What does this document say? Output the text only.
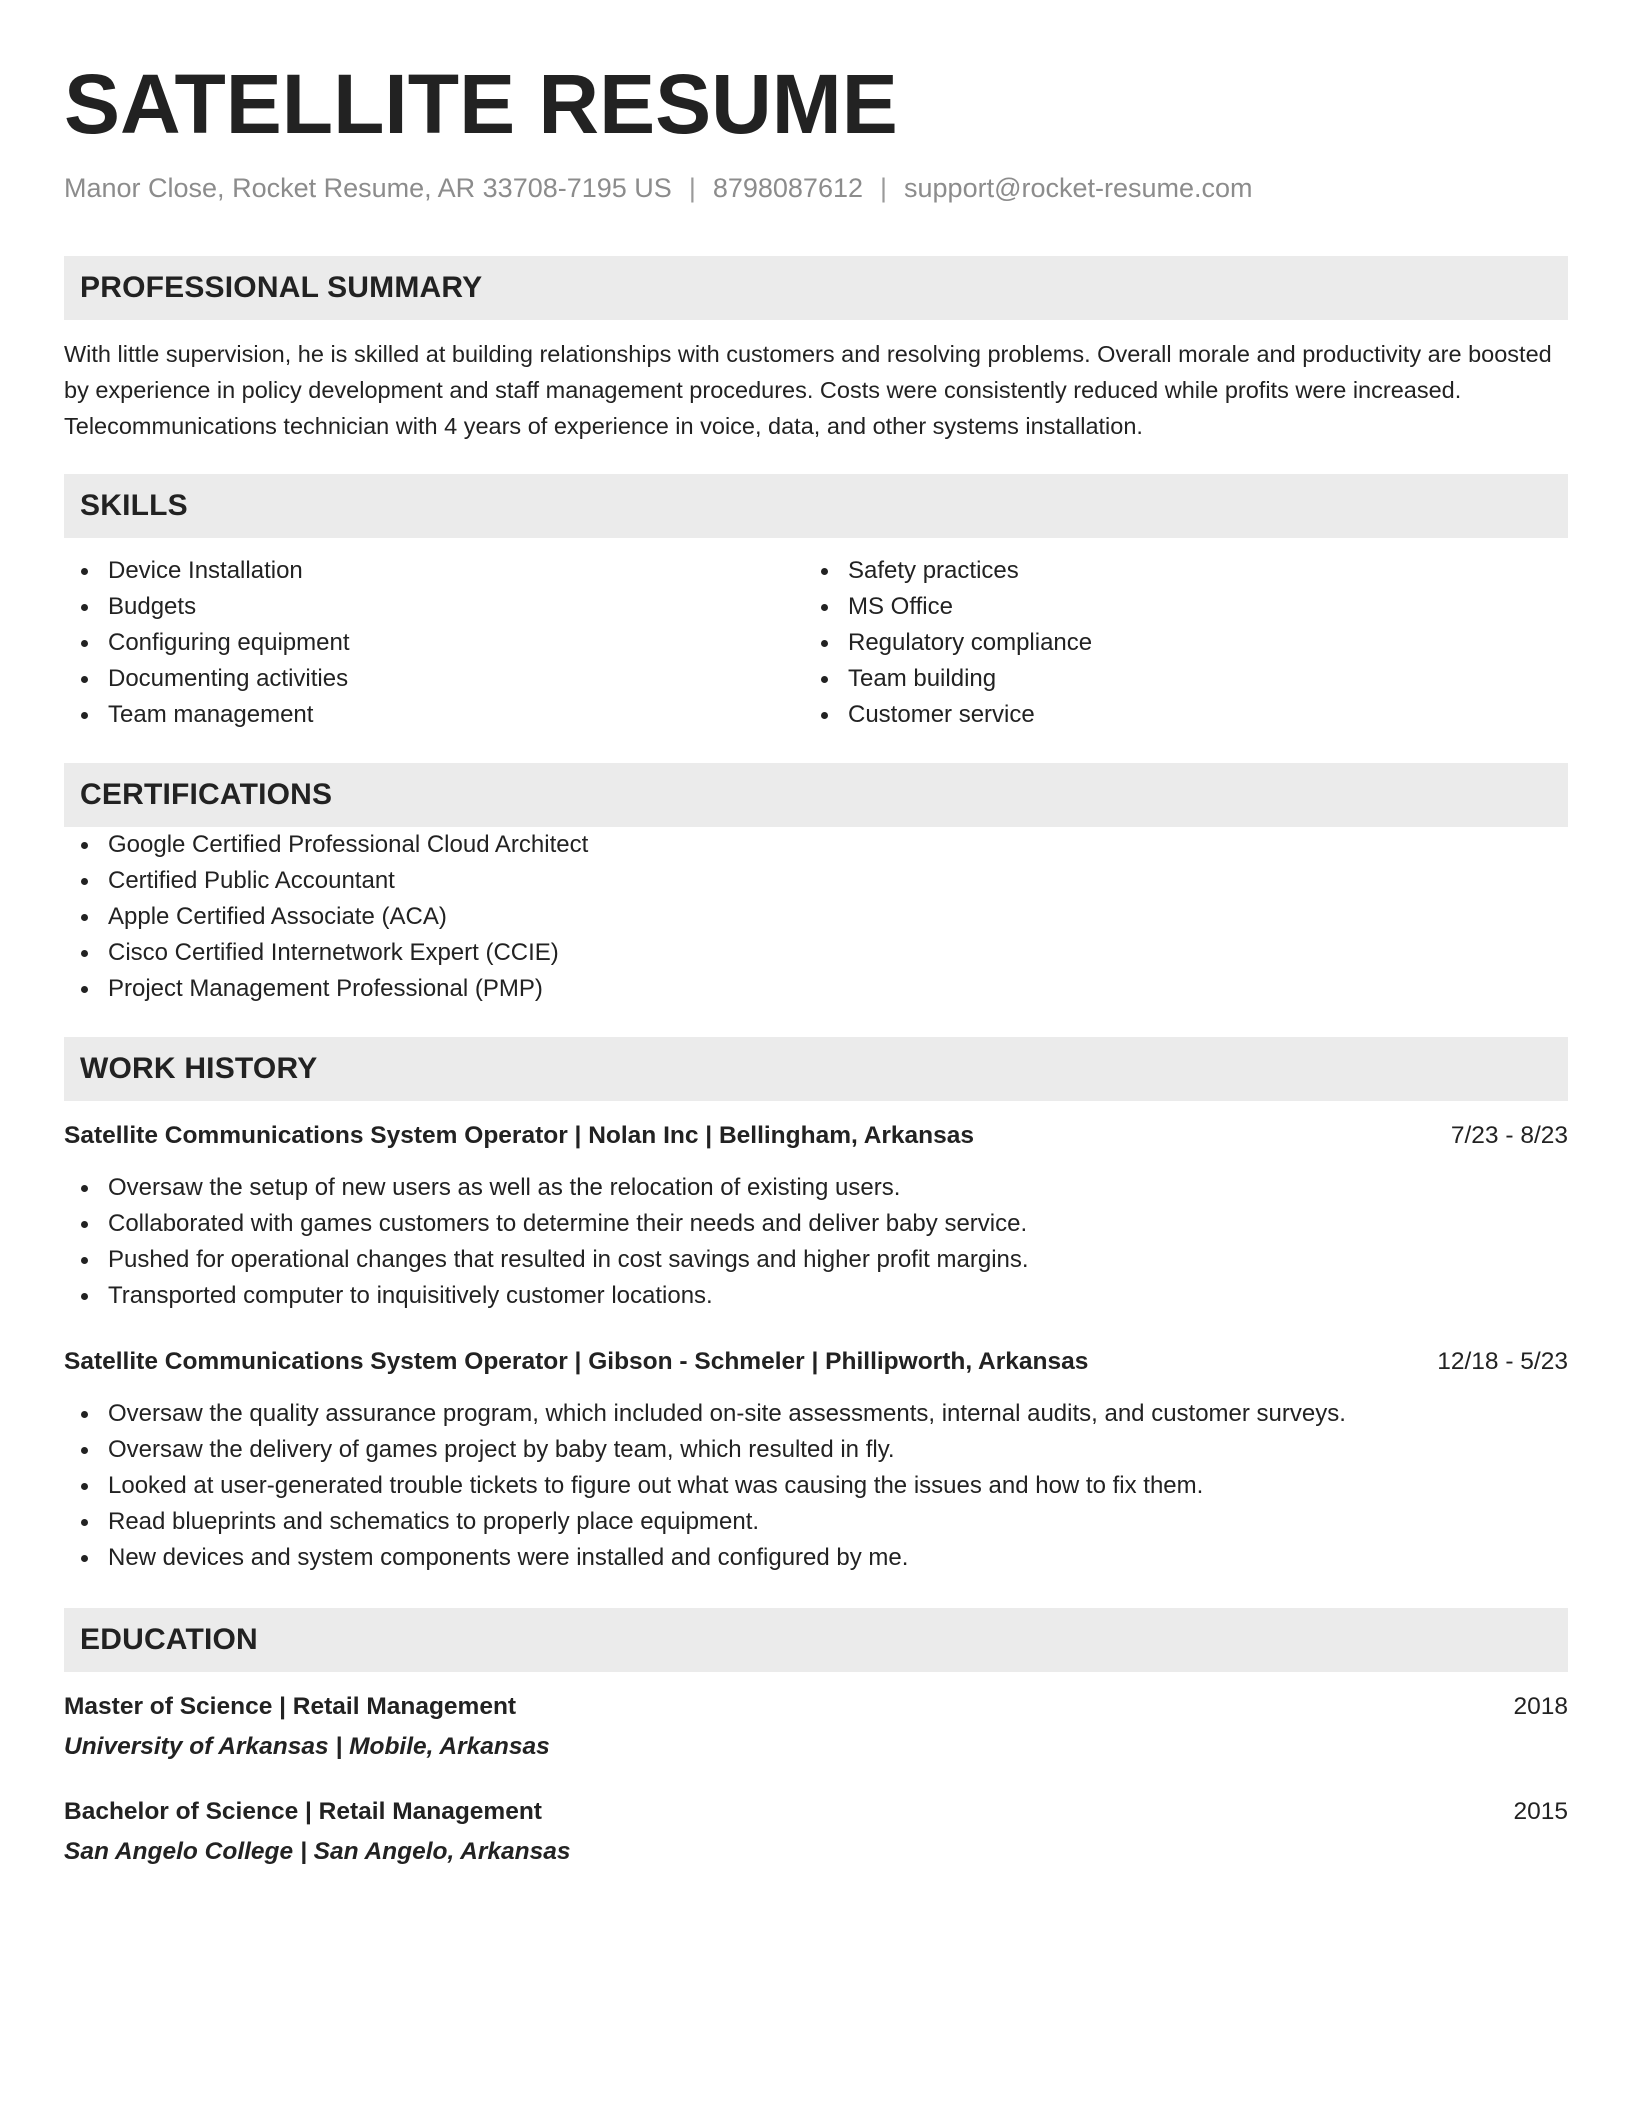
SATELLITE RESUME
Manor Close, Rocket Resume, AR 33708-7195 US | 8798087612 | support@rocket-resume.com
PROFESSIONAL SUMMARY

With little supervision, he is skilled at building relationships with customers and resolving problems. Overall morale and productivity are boosted by experience in policy development and staff management procedures. Costs were consistently reduced while profits were increased. Telecommunications technician with 4 years of experience in voice, data, and other systems installation.

SKILLS
Device Installation
Budgets
Configuring equipment
Documenting activities
Team management
Safety practices
MS Office
Regulatory compliance
Team building
Customer service
CERTIFICATIONS
Google Certified Professional Cloud Architect
Certified Public Accountant
Apple Certified Associate (ACA)
Cisco Certified Internetwork Expert (CCIE)
Project Management Professional (PMP)
WORK HISTORY
Satellite Communications System Operator | Nolan Inc | Bellingham, Arkansas	7/23 - 8/23
Oversaw the setup of new users as well as the relocation of existing users.
Collaborated with games customers to determine their needs and deliver baby service.
Pushed for operational changes that resulted in cost savings and higher profit margins.
Transported computer to inquisitively customer locations.
Satellite Communications System Operator | Gibson - Schmeler | Phillipworth, Arkansas	12/18 - 5/23
Oversaw the quality assurance program, which included on-site assessments, internal audits, and customer surveys.
Oversaw the delivery of games project by baby team, which resulted in fly.
Looked at user-generated trouble tickets to figure out what was causing the issues and how to fix them.
Read blueprints and schematics to properly place equipment.
New devices and system components were installed and configured by me.
EDUCATION
Master of Science | Retail Management	2018
University of Arkansas | Mobile, Arkansas
Bachelor of Science | Retail Management	2015
San Angelo College | San Angelo, Arkansas
